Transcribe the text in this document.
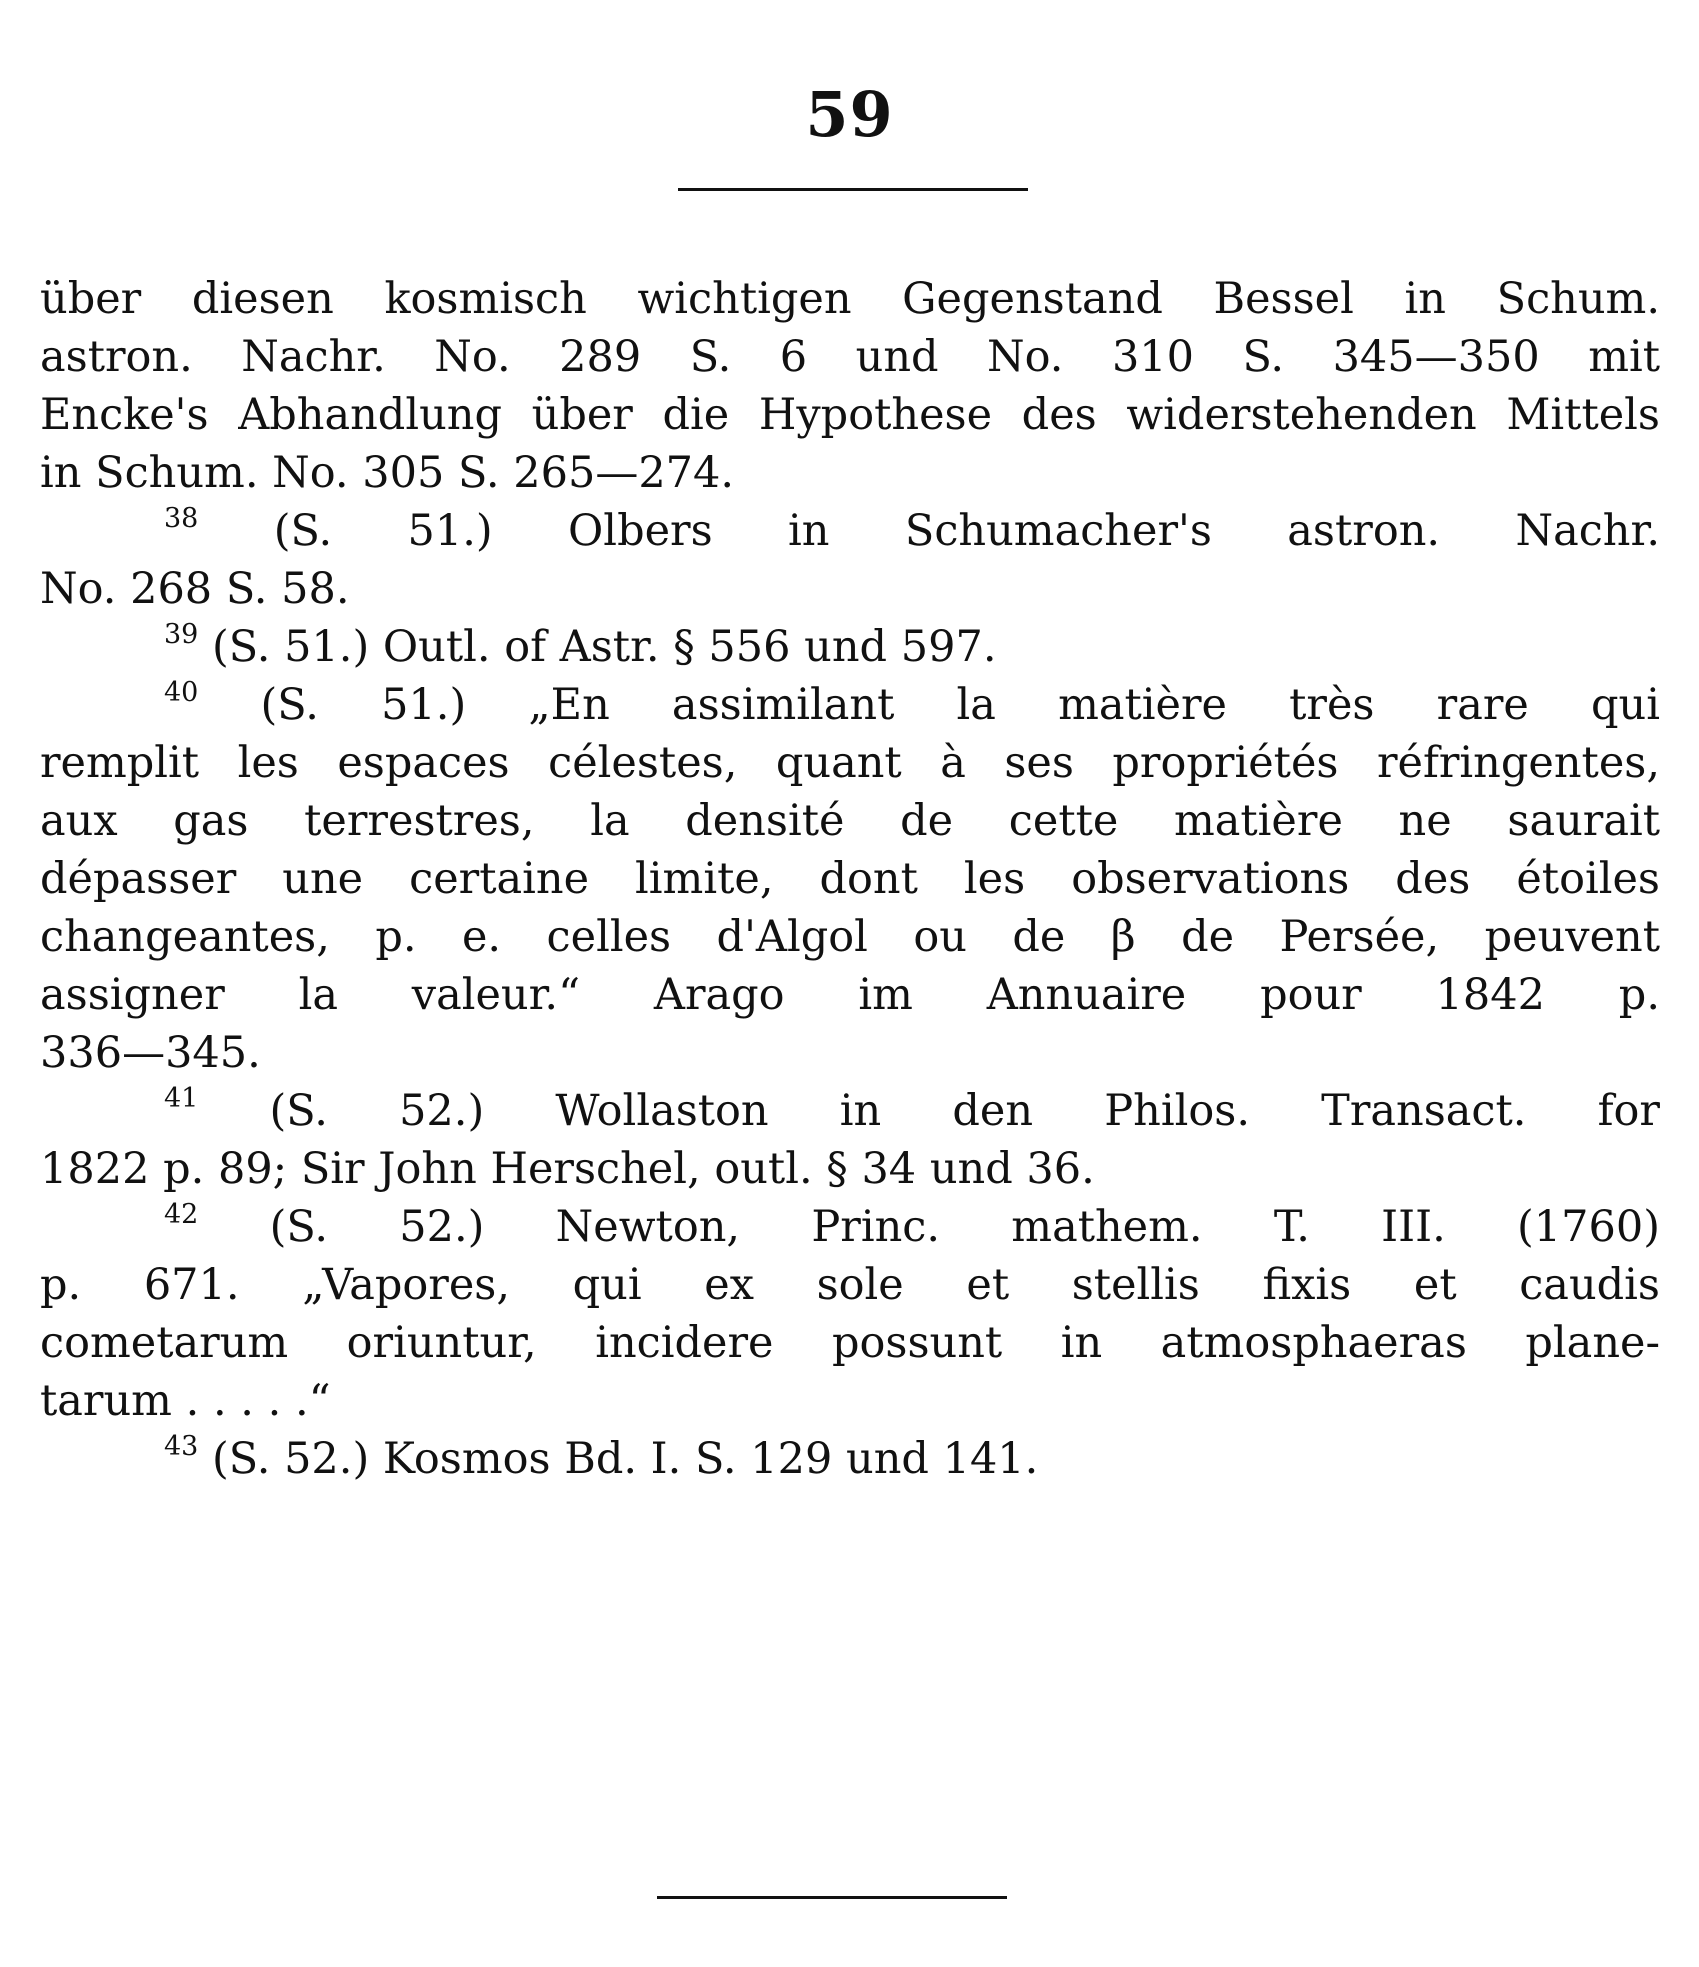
59
über diesen kosmisch wichtigen Gegenstand Bessel in Schum.
astron. Nachr. No. 289 S. 6 und No. 310 S. 345—350 mit
Encke's Abhandlung über die Hypothese des widerstehenden Mittels
in Schum. No. 305 S. 265—274.
$^{38}$ (S. 51.) Olbers in Schumacher's astron. Nachr.
No. 268 S. 58.
$^{39}$ (S. 51.) Outl. of Astr. § 556 und 597.
$^{40}$ (S. 51.) „En assimilant la matière très rare qui
remplit les espaces célestes, quant à ses propriétés réfringentes,
aux gas terrestres, la densité de cette matière ne saurait
dépasser une certaine limite, dont les observations des étoiles
changeantes, p. e. celles d'Algol ou de β de Persée, peuvent
assigner la valeur.“ Arago im Annuaire pour 1842 p.
336—345.
$^{41}$ (S. 52.) Wollaston in den Philos. Transact. for
1822 p. 89; Sir John Herschel, outl. § 34 und 36.
$^{42}$ (S. 52.) Newton, Princ. mathem. T. III. (1760)
p. 671. „Vapores, qui ex sole et stellis fixis et caudis
cometarum oriuntur, incidere possunt in atmosphaeras plane-
tarum . . . . .“
$^{43}$ (S. 52.) Kosmos Bd. I. S. 129 und 141.
